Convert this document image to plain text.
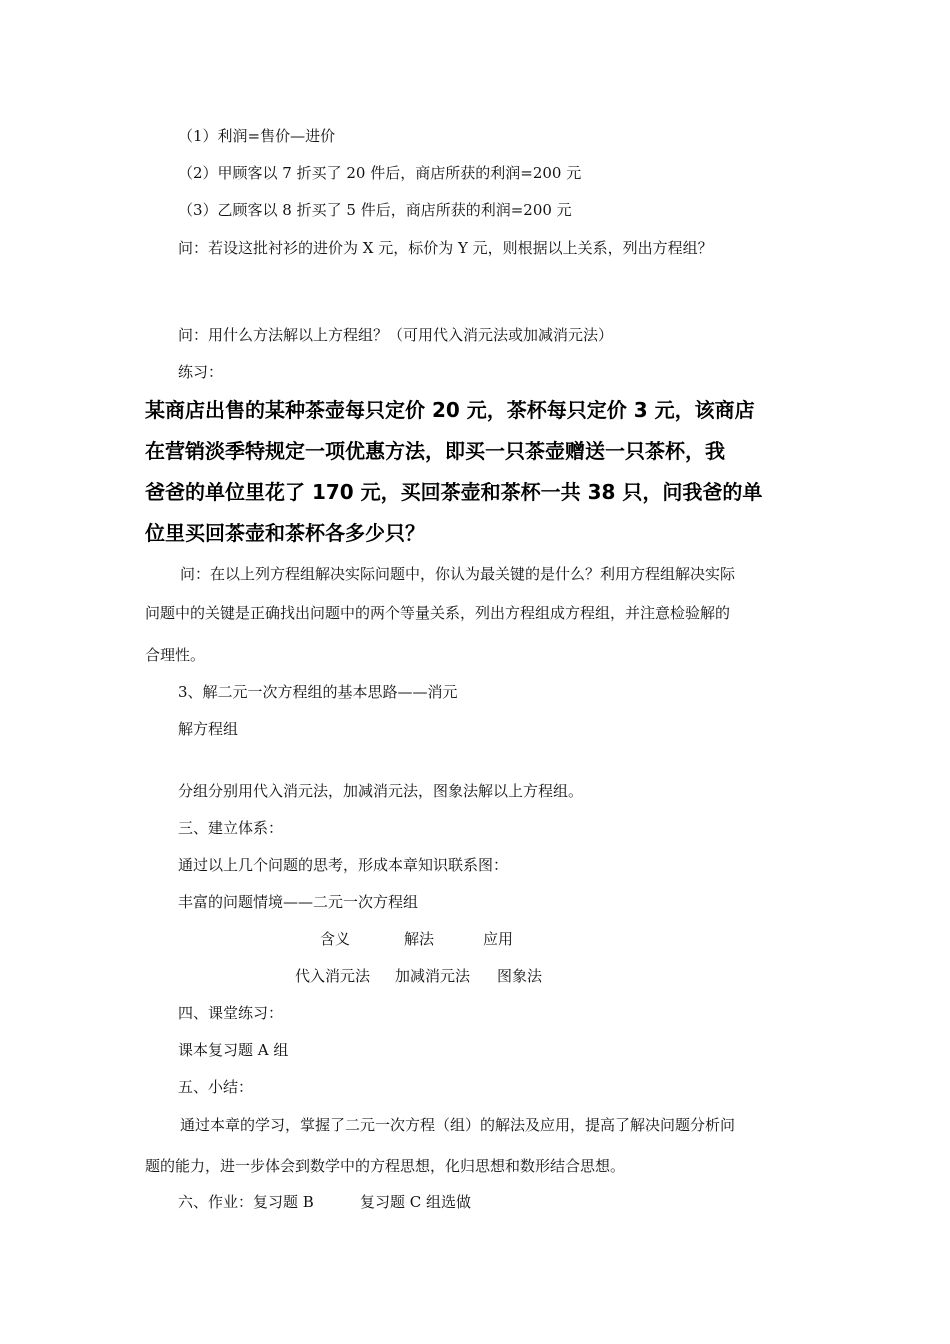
（1）利润=售价—进价
（2）甲顾客以 7 折买了 20 件后，商店所获的利润=200 元
（3）乙顾客以 8 折买了 5 件后，商店所获的利润=200 元
问：若设这批衬衫的进价为 X 元，标价为 Y 元，则根据以上关系，列出方程组？
问：用什么方法解以上方程组？（可用代入消元法或加减消元法）
练习：
某商店出售的某种茶壶每只定价 20 元，茶杯每只定价 3 元，该商店
在营销淡季特规定一项优惠方法，即买一只茶壶赠送一只茶杯，我
爸爸的单位里花了 170 元，买回茶壶和茶杯一共 38 只，问我爸的单
位里买回茶壶和茶杯各多少只？
问：在以上列方程组解决实际问题中，你认为最关键的是什么？利用方程组解决实际
问题中的关键是正确找出问题中的两个等量关系，列出方程组成方程组，并注意检验解的
合理性。
3、解二元一次方程组的基本思路——消元
解方程组
分组分别用代入消元法，加减消元法，图象法解以上方程组。
三、建立体系：
通过以上几个问题的思考，形成本章知识联系图：
丰富的问题情境——二元一次方程组
含义	解法	应用
代入消元法 加减消元法 图象法
四、课堂练习：
课本复习题 A 组
五、小结：
通过本章的学习，掌握了二元一次方程（组）的解法及应用，提高了解决问题分析问
题的能力，进一步体会到数学中的方程思想，化归思想和数形结合思想。
六、作业：复习题 B	复习题 C 组选做
